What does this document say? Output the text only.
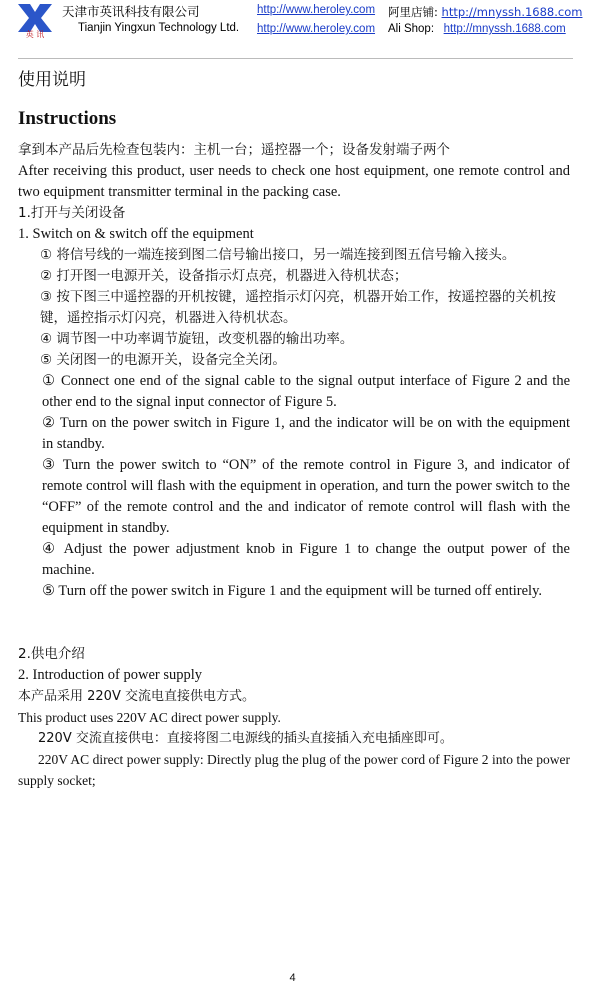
英 讯
天津市英讯科技有限公司
Tianjin Yingxun Technology Ltd.
http://www.heroley.com
http://www.heroley.com
阿里店铺: http://mnyssh.1688.com
Ali Shop: http://mnyssh.1688.com

使用说明

Instructions

拿到本产品后先检查包装内：主机一台；遥控器一个；设备发射端子两个

After receiving this product, user needs to check one host equipment, one remote control and two equipment transmitter terminal in the packing case.

1.打开与关闭设备

1. Switch on & switch off the equipment

① 将信号线的一端连接到图二信号输出接口，另一端连接到图五信号输入接头。

② 打开图一电源开关，设备指示灯点亮，机器进入待机状态；

③ 按下图三中遥控器的开机按键，遥控指示灯闪亮，机器开始工作，按遥控器的关机按键，遥控指示灯闪亮，机器进入待机状态。

④ 调节图一中功率调节旋钮，改变机器的输出功率。

⑤ 关闭图一的电源开关，设备完全关闭。

① Connect one end of the signal cable to the signal output interface of Figure 2 and the other end to the signal input connector of Figure 5.

② Turn on the power switch in Figure 1, and the indicator will be on with the equipment in standby.

③ Turn the power switch to “ON” of the remote control in Figure 3, and indicator of remote control will flash with the equipment in operation, and turn the power switch to the “OFF” of the remote control and the and indicator of remote control will flash with the equipment in standby.

④ Adjust the power adjustment knob in Figure 1 to change the output power of the machine.

⑤ Turn off the power switch in Figure 1 and the equipment will be turned off entirely.

2.供电介绍

2. Introduction of power supply

本产品采用 220V 交流电直接供电方式。

This product uses 220V AC direct power supply.

220V 交流直接供电：直接将图二电源线的插头直接插入充电插座即可。

220V AC direct power supply: Directly plug the plug of the power cord of Figure 2 into the power supply socket;

4
